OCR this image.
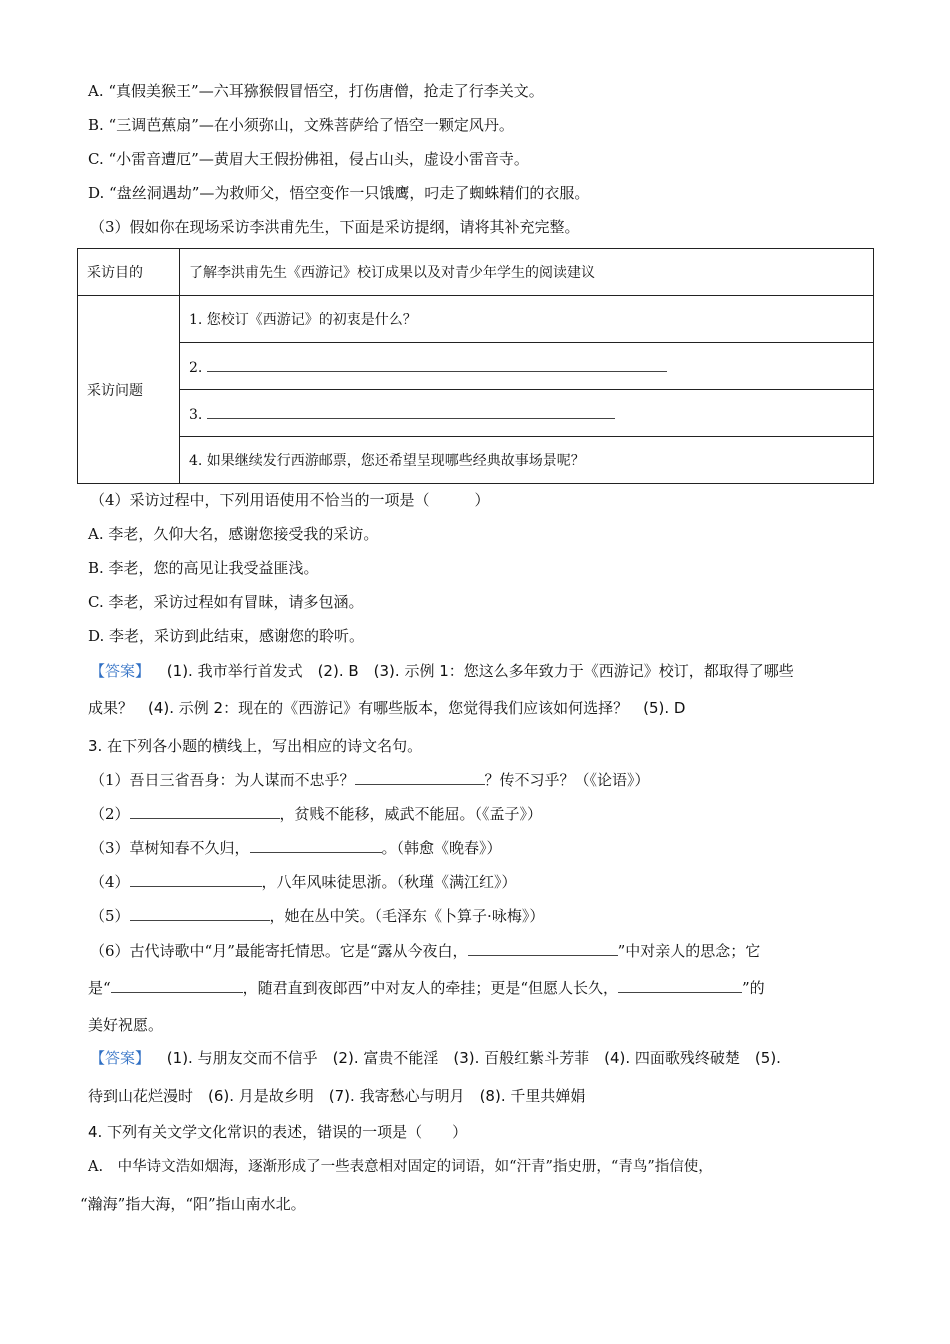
A. “真假美猴王”—六耳猕猴假冒悟空，打伤唐僧，抢走了行李关文。
B. “三调芭蕉扇”—在小须弥山，文殊菩萨给了悟空一颗定风丹。
C. “小雷音遭厄”—黄眉大王假扮佛祖，侵占山头，虚设小雷音寺。
D. “盘丝洞遇劫”—为救师父，悟空变作一只饿鹰，叼走了蜘蛛精们的衣服。
（3）假如你在现场采访李洪甫先生，下面是采访提纲，请将其补充完整。
采访目的	了解李洪甫先生《西游记》校订成果以及对青少年学生的阅读建议
采访问题	1. 您校订《西游记》的初衷是什么？
	2.
	3.
	4. 如果继续发行西游邮票，您还希望呈现哪些经典故事场景呢？
（4）采访过程中，下列用语使用不恰当的一项是（　　　）
A. 李老，久仰大名，感谢您接受我的采访。
B. 李老，您的高见让我受益匪浅。
C. 李老，采访过程如有冒昧，请多包涵。
D. 李老，采访到此结束，感谢您的聆听。
【答案】 (1). 我市举行首发式　(2). B　(3). 示例 1：您这么多年致力于《西游记》校订，都取得了哪些
成果？　(4). 示例 2：现在的《西游记》有哪些版本，您觉得我们应该如何选择？　(5). D
3. 在下列各小题的横线上，写出相应的诗文名句。
（1）吾日三省吾身：为人谋而不忠乎？	？传不习乎？（《论语》）
（2）	，贫贱不能移，威武不能屈。（《孟子》）
（3）草树知春不久归，	。（韩愈《晚春》）
（4）	，八年风味徒思浙。（秋瑾《满江红》）
（5）	，她在丛中笑。（毛泽东《卜算子·咏梅》）
（6）古代诗歌中“月”最能寄托情思。它是“露从今夜白，	”中对亲人的思念；它
是“	，随君直到夜郎西”中对友人的牵挂；更是“但愿人长久，	”的
美好祝愿。
【答案】 (1). 与朋友交而不信乎　(2). 富贵不能淫　(3). 百般红紫斗芳菲　(4). 四面歌残终破楚　(5).
待到山花烂漫时　(6). 月是故乡明　(7). 我寄愁心与明月　(8). 千里共婵娟
4. 下列有关文学文化常识的表述，错误的一项是（　　）
A.　中华诗文浩如烟海，逐渐形成了一些表意相对固定的词语，如“汗青”指史册，“青鸟”指信使，
“瀚海”指大海，“阳”指山南水北。
